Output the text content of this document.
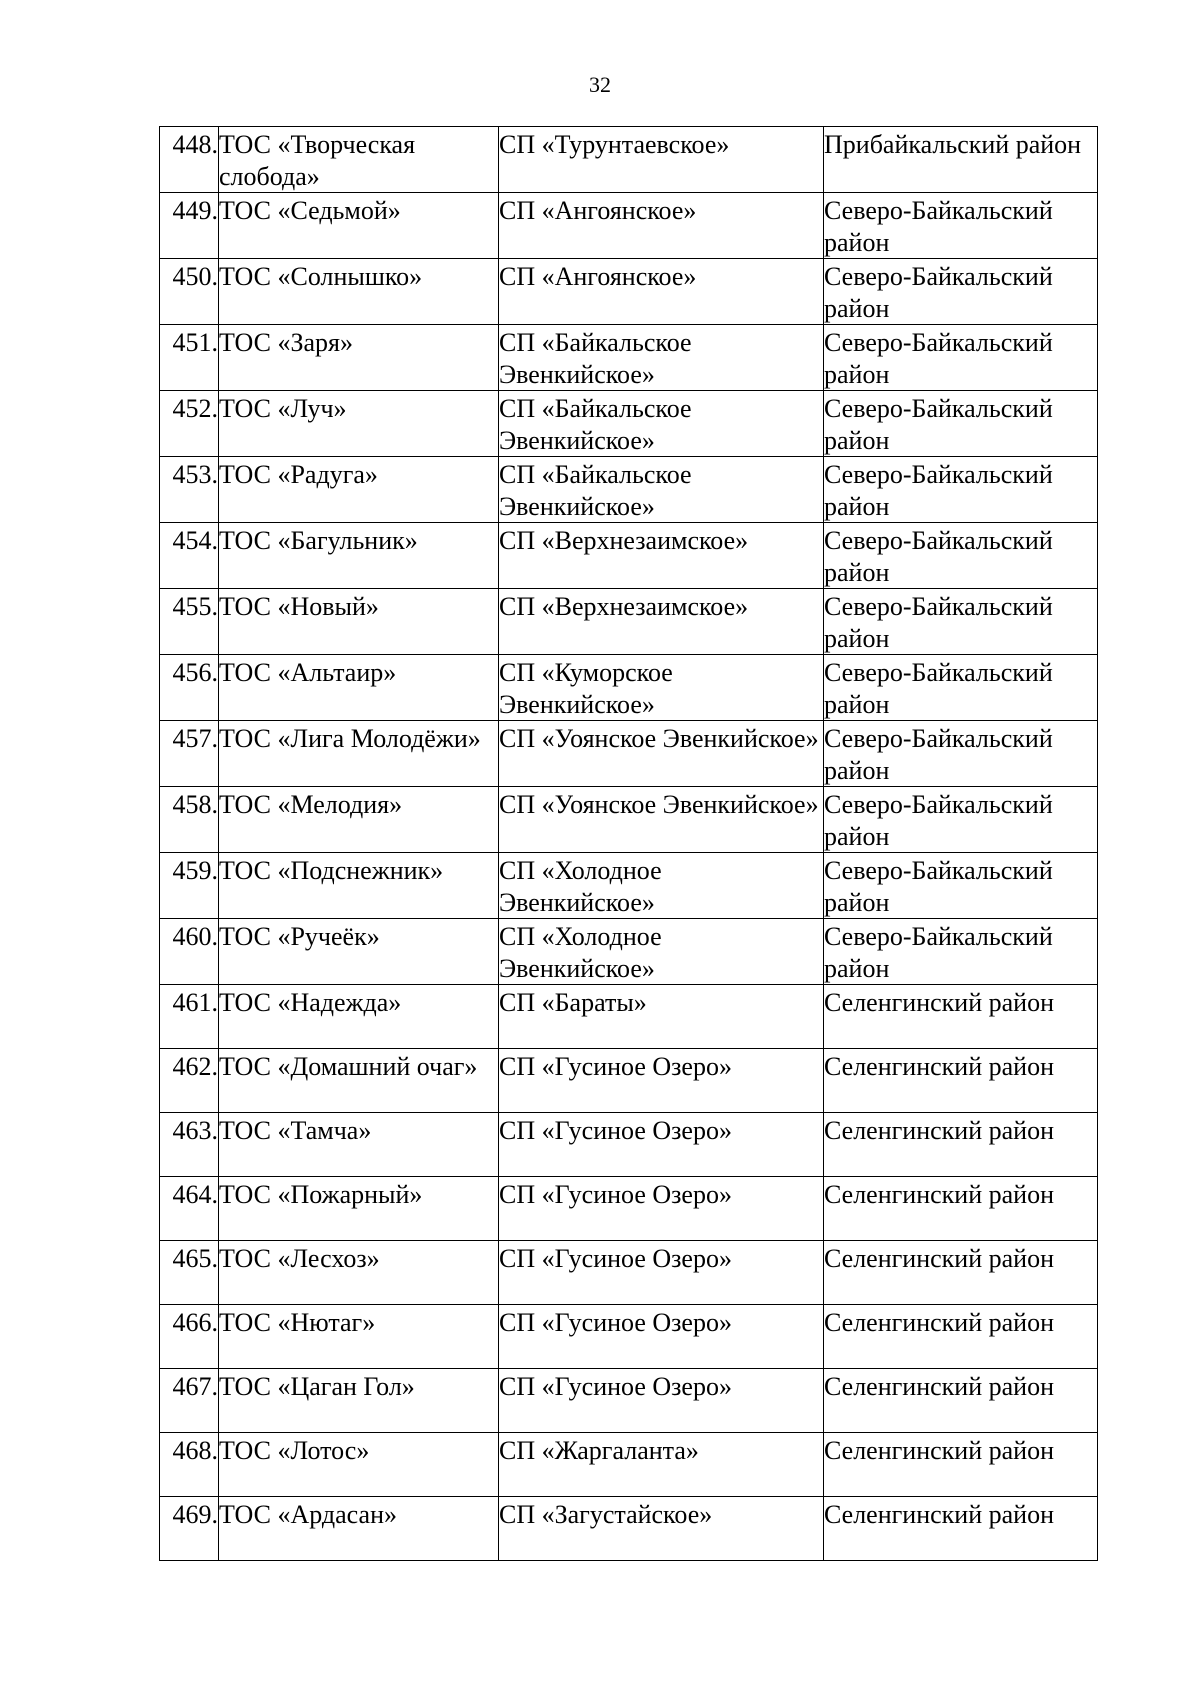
32
448.	ТОС «Творческая слобода»	СП «Турунтаевское»	Прибайкальский район
449.	ТОС «Седьмой»	СП «Ангоянское»	Северо-Байкальский район
450.	ТОС «Солнышко»	СП «Ангоянское»	Северо-Байкальский район
451.	ТОС «Заря»	СП «Байкальское Эвенкийское»	Северо-Байкальский район
452.	ТОС «Луч»	СП «Байкальское Эвенкийское»	Северо-Байкальский район
453.	ТОС «Радуга»	СП «Байкальское Эвенкийское»	Северо-Байкальский район
454.	ТОС «Багульник»	СП «Верхнезаимское»	Северо-Байкальский район
455.	ТОС «Новый»	СП «Верхнезаимское»	Северо-Байкальский район
456.	ТОС «Альтаир»	СП «Куморское Эвенкийское»	Северо-Байкальский район
457.	ТОС «Лига Молодёжи»	СП «Уоянское Эвенкийское»	Северо-Байкальский район
458.	ТОС «Мелодия»	СП «Уоянское Эвенкийское»	Северо-Байкальский район
459.	ТОС «Подснежник»	СП «Холодное Эвенкийское»	Северо-Байкальский район
460.	ТОС «Ручеёк»	СП «Холодное Эвенкийское»	Северо-Байкальский район
461.	ТОС «Надежда»	СП «Бараты»	Селенгинский район
462.	ТОС «Домашний очаг»	СП «Гусиное Озеро»	Селенгинский район
463.	ТОС «Тамча»	СП «Гусиное Озеро»	Селенгинский район
464.	ТОС «Пожарный»	СП «Гусиное Озеро»	Селенгинский район
465.	ТОС «Лесхоз»	СП «Гусиное Озеро»	Селенгинский район
466.	ТОС «Нютаг»	СП «Гусиное Озеро»	Селенгинский район
467.	ТОС «Цаган Гол»	СП «Гусиное Озеро»	Селенгинский район
468.	ТОС «Лотос»	СП «Жаргаланта»	Селенгинский район
469.	ТОС «Ардасан»	СП «Загустайское»	Селенгинский район
